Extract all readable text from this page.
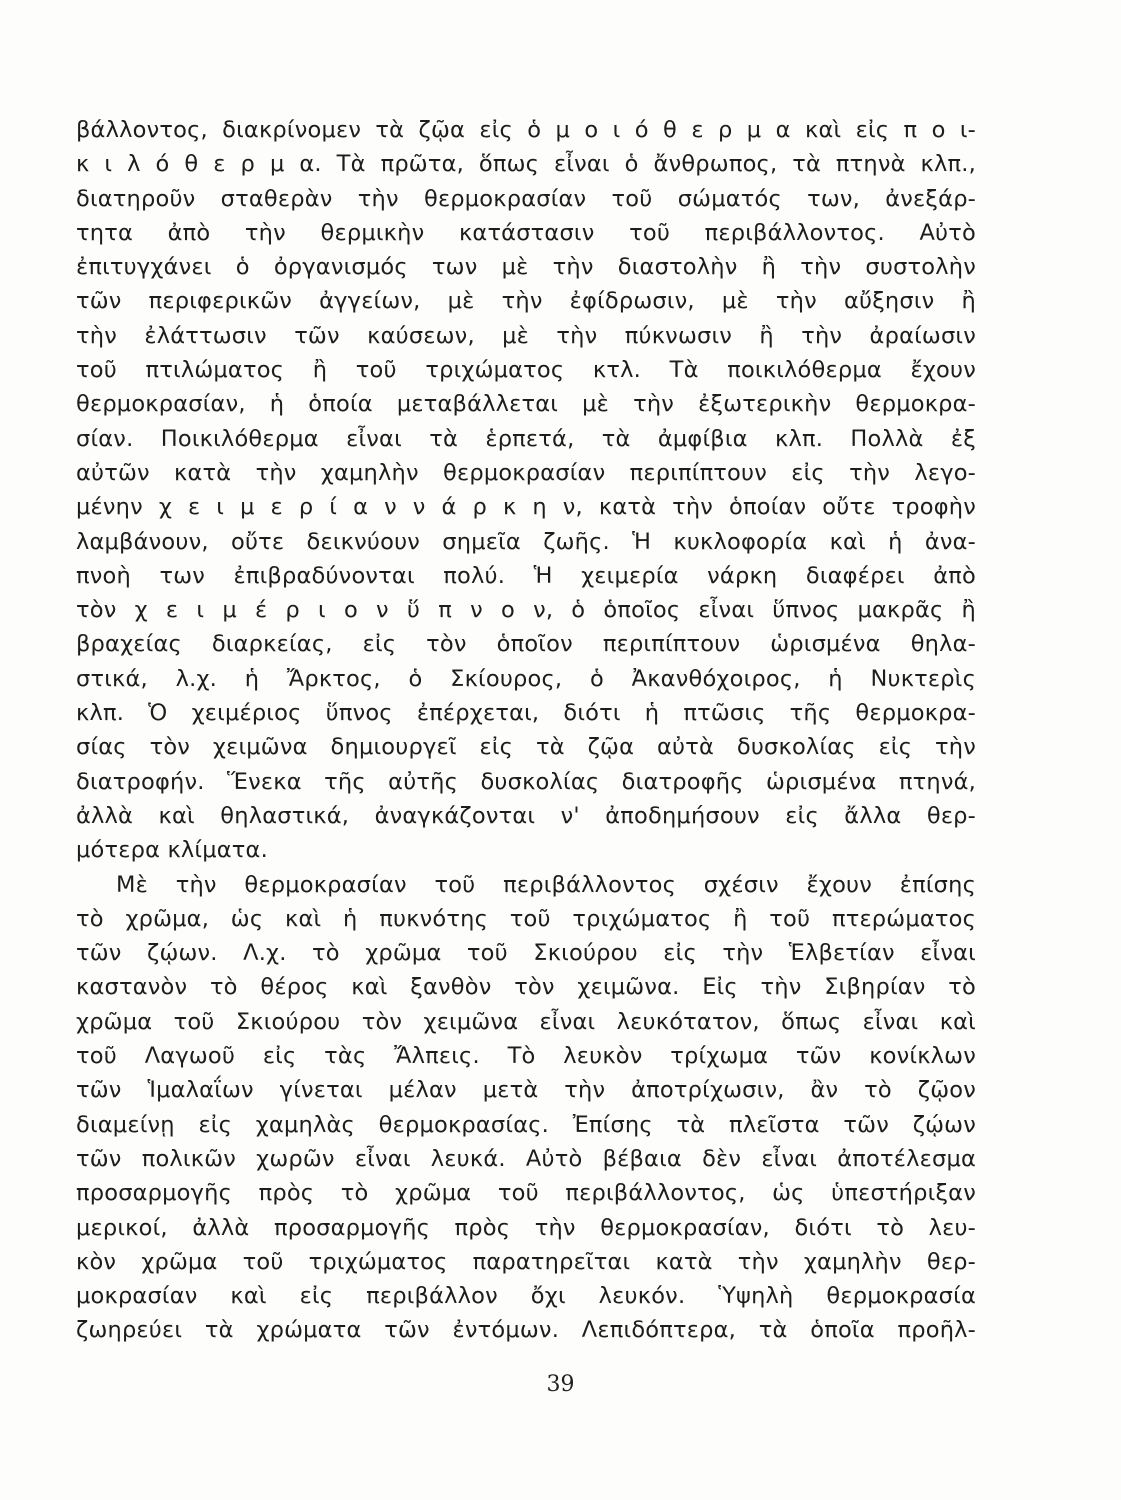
βάλλοντος, διακρίνομεν τὰ ζῷα εἰς ὁ μ ο ι ό θ ε ρ μ α καὶ εἰς π ο ι-
κ ι λ ό θ ε ρ μ α. Τὰ πρῶτα, ὅπως εἶναι ὁ ἄνθρωπος, τὰ πτηνὰ κλπ.,
διατηροῦν σταθερὰν τὴν θερμοκρασίαν τοῦ σώματός των, ἀνεξάρ-
τητα ἀπὸ τὴν θερμικὴν κατάστασιν τοῦ περιβάλλοντος. Αὐτὸ
ἐπιτυγχάνει ὁ ὀργανισμός των μὲ τὴν διαστολὴν ἢ τὴν συστολὴν
τῶν περιφερικῶν ἀγγείων, μὲ τὴν ἐφίδρωσιν, μὲ τὴν αὔξησιν ἢ
τὴν ἐλάττωσιν τῶν καύσεων, μὲ τὴν πύκνωσιν ἢ τὴν ἀραίωσιν
τοῦ πτιλώματος ἢ τοῦ τριχώματος κτλ. Τὰ ποικιλόθερμα ἔχουν
θερμοκρασίαν, ἡ ὁποία μεταβάλλεται μὲ τὴν ἐξωτερικὴν θερμοκρα-
σίαν. Ποικιλόθερμα εἶναι τὰ ἑρπετά, τὰ ἀμφίβια κλπ. Πολλὰ ἐξ
αὐτῶν κατὰ τὴν χαμηλὴν θερμοκρασίαν περιπίπτουν εἰς τὴν λεγο-
μένην χ ε ι μ ε ρ ί α ν ν ά ρ κ η ν, κατὰ τὴν ὁποίαν οὔτε τροφὴν
λαμβάνουν, οὔτε δεικνύουν σημεῖα ζωῆς. Ἡ κυκλοφορία καὶ ἡ ἀνα-
πνοὴ των ἐπιβραδύνονται πολύ. Ἡ χειμερία νάρκη διαφέρει ἀπὸ
τὸν χ ε ι μ έ ρ ι ο ν ὕ π ν ο ν, ὁ ὁποῖος εἶναι ὕπνος μακρᾶς ἢ
βραχείας διαρκείας, εἰς τὸν ὁποῖον περιπίπτουν ὡρισμένα θηλα-
στικά, λ.χ. ἡ Ἄρκτος, ὁ Σκίουρος, ὁ Ἀκανθόχοιρος, ἡ Νυκτερὶς
κλπ. Ὁ χειμέριος ὕπνος ἐπέρχεται, διότι ἡ πτῶσις τῆς θερμοκρα-
σίας τὸν χειμῶνα δημιουργεῖ εἰς τὰ ζῷα αὐτὰ δυσκολίας εἰς τὴν
διατροφήν. Ἕνεκα τῆς αὐτῆς δυσκολίας διατροφῆς ὡρισμένα πτηνά,
ἀλλὰ καὶ θηλαστικά, ἀναγκάζονται ν' ἀποδημήσουν εἰς ἄλλα θερ-
μότερα κλίματα.
Μὲ τὴν θερμοκρασίαν τοῦ περιβάλλοντος σχέσιν ἔχουν ἐπίσης
τὸ χρῶμα, ὡς καὶ ἡ πυκνότης τοῦ τριχώματος ἢ τοῦ πτερώματος
τῶν ζῴων. Λ.χ. τὸ χρῶμα τοῦ Σκιούρου εἰς τὴν Ἑλβετίαν εἶναι
καστανὸν τὸ θέρος καὶ ξανθὸν τὸν χειμῶνα. Εἰς τὴν Σιβηρίαν τὸ
χρῶμα τοῦ Σκιούρου τὸν χειμῶνα εἶναι λευκότατον, ὅπως εἶναι καὶ
τοῦ Λαγωοῦ εἰς τὰς Ἄλπεις. Τὸ λευκὸν τρίχωμα τῶν κονίκλων
τῶν Ἱμαλαΐων γίνεται μέλαν μετὰ τὴν ἀποτρίχωσιν, ἂν τὸ ζῷον
διαμείνῃ εἰς χαμηλὰς θερμοκρασίας. Ἐπίσης τὰ πλεῖστα τῶν ζῴων
τῶν πολικῶν χωρῶν εἶναι λευκά. Αὐτὸ βέβαια δὲν εἶναι ἀποτέλεσμα
προσαρμογῆς πρὸς τὸ χρῶμα τοῦ περιβάλλοντος, ὡς ὑπεστήριξαν
μερικοί, ἀλλὰ προσαρμογῆς πρὸς τὴν θερμοκρασίαν, διότι τὸ λευ-
κὸν χρῶμα τοῦ τριχώματος παρατηρεῖται κατὰ τὴν χαμηλὴν θερ-
μοκρασίαν καὶ εἰς περιβάλλον ὄχι λευκόν. Ὑψηλὴ θερμοκρασία
ζωηρεύει τὰ χρώματα τῶν ἐντόμων. Λεπιδόπτερα, τὰ ὁποῖα προῆλ-
39
